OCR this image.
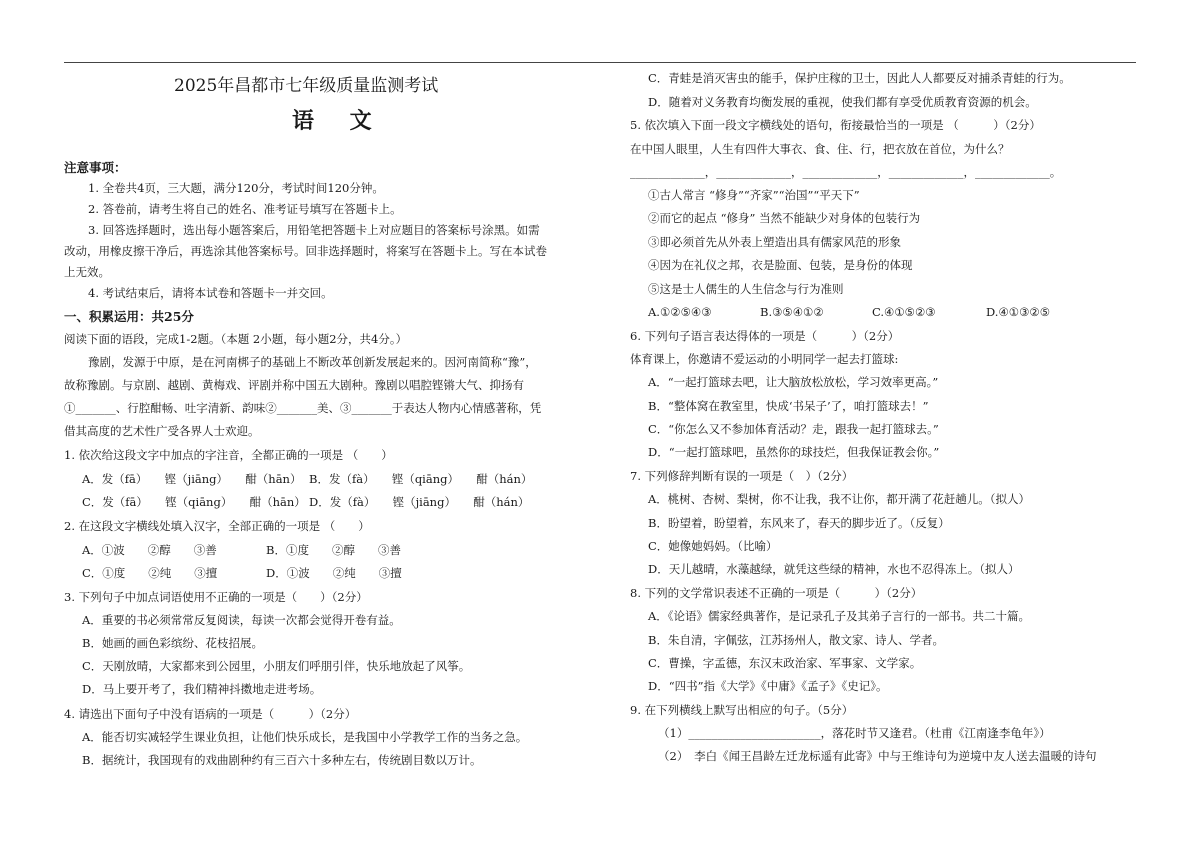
2025年昌都市七年级质量监测考试
语 文
注意事项：
1. 全卷共4页，三大题，满分120分，考试时间120分钟。
2. 答卷前，请考生将自己的姓名、准考证号填写在答题卡上。
3. 回答选择题时，选出每小题答案后，用铅笔把答题卡上对应题目的答案标号涂黑。如需
改动，用橡皮擦干净后，再选涂其他答案标号。回非选择题时，将案写在答题卡上。写在本试卷
上无效。
4. 考试结束后，请将本试卷和答题卡一并交回。
一、积累运用：共25分
阅读下面的语段，完成1-2题。（本题 2小题，每小题2分，共4分。）
豫剧，发源于中原，是在河南梆子的基础上不断改革创新发展起来的。因河南简称“豫”，
故称豫剧。与京剧、越剧、黄梅戏、评剧并称中国五大剧种。豫剧以唱腔铿锵大气、抑扬有
①_______、行腔酣畅、吐字清新、韵味②_______美、③_______于表达人物内心情感著称，凭
借其高度的艺术性广受各界人士欢迎。
1. 依次给这段文字中加点的字注音，全都正确的一项是 （　　）
A．发（fā）　　铿（jiāng）　　酣（hān） B．发（fà）　　铿（qiāng）　　酣（hán）
C．发（fā）　　铿（qiāng）　　酣（hān） D．发（fà）　　铿（jiāng）　　酣（hán）
2. 在这段文字横线处填入汉字，全部正确的一项是 （　　）
A．①波　　②醇　　③善	B．①度　　②醇　　③善
C．①度　　②纯　　③擅	D．①波　　②纯　　③擅
3. 下列句子中加点词语使用不正确的一项是（　　）（2分）
A．重要的书必须常常反复阅读，每读一次都会觉得开卷有益。
B．她画的画色彩缤纷、花枝招展。
C．天刚放晴，大家都来到公园里，小朋友们呼朋引伴，快乐地放起了风筝。
D．马上要开考了，我们精神抖擞地走进考场。
4. 请选出下面句子中没有语病的一项是（　　　）（2分）
A．能否切实减轻学生课业负担，让他们快乐成长，是我国中小学教学工作的当务之急。
B．据统计，我国现有的戏曲剧种约有三百六十多种左右，传统剧目数以万计。
C．青蛙是消灭害虫的能手，保护庄稼的卫士，因此人人都要反对捕杀青蛙的行为。
D．随着对义务教育均衡发展的重视，使我们都有享受优质教育资源的机会。
5. 依次填入下面一段文字横线处的语句，衔接最恰当的一项是 （　　　）（2分）
在中国人眼里，人生有四件大事衣、食、住、行，把衣放在首位，为什么？
_____________，_____________，_____________，_____________，_____________。
①古人常言 “修身”“齐家”“治国”“平天下”
②而它的起点 “修身” 当然不能缺少对身体的包装行为
③即必须首先从外表上塑造出具有儒家风范的形象
④因为在礼仪之邦，衣是脸面、包装，是身份的体现
⑤这是士人儒生的人生信念与行为准则
A.①②⑤④③	B.③⑤④①②	C.④①⑤②③	D.④①③②⑤
6. 下列句子语言表达得体的一项是（　　　）（2分）
体育课上，你邀请不爱运动的小明同学一起去打篮球:
A．“一起打篮球去吧，让大脑放松放松，学习效率更高。”
B．“整体窝在教室里，快成‘书呆子’了，咱打篮球去！”
C．“你怎么又不参加体育活动？走，跟我一起打篮球去。”
D．“一起打篮球吧，虽然你的球技烂，但我保证教会你。”
7. 下列修辞判断有误的一项是（　）（2分）
A．桃树、杏树、梨树，你不让我，我不让你，都开满了花赶趟儿。（拟人）
B．盼望着，盼望着，东风来了，春天的脚步近了。（反复）
C．她像她妈妈。（比喻）
D．天儿越晴，水藻越绿，就凭这些绿的精神，水也不忍得冻上。（拟人）
8. 下列的文学常识表述不正确的一项是（　　　）（2分）
A．《论语》儒家经典著作，是记录孔子及其弟子言行的一部书。共二十篇。
B．朱自清，字佩弦，江苏扬州人，散文家、诗人、学者。
C．曹操，字孟德，东汉末政治家、军事家、文学家。
D．“四书”指《大学》《中庸》《孟子》《史记》。
9. 在下列横线上默写出相应的句子。（5分）
（1）_______________________，落花时节又逢君。（杜甫《江南逢李龟年》）
（2）　李白《闻王昌龄左迁龙标遥有此寄》中与王维诗句为逆境中友人送去温暖的诗句
